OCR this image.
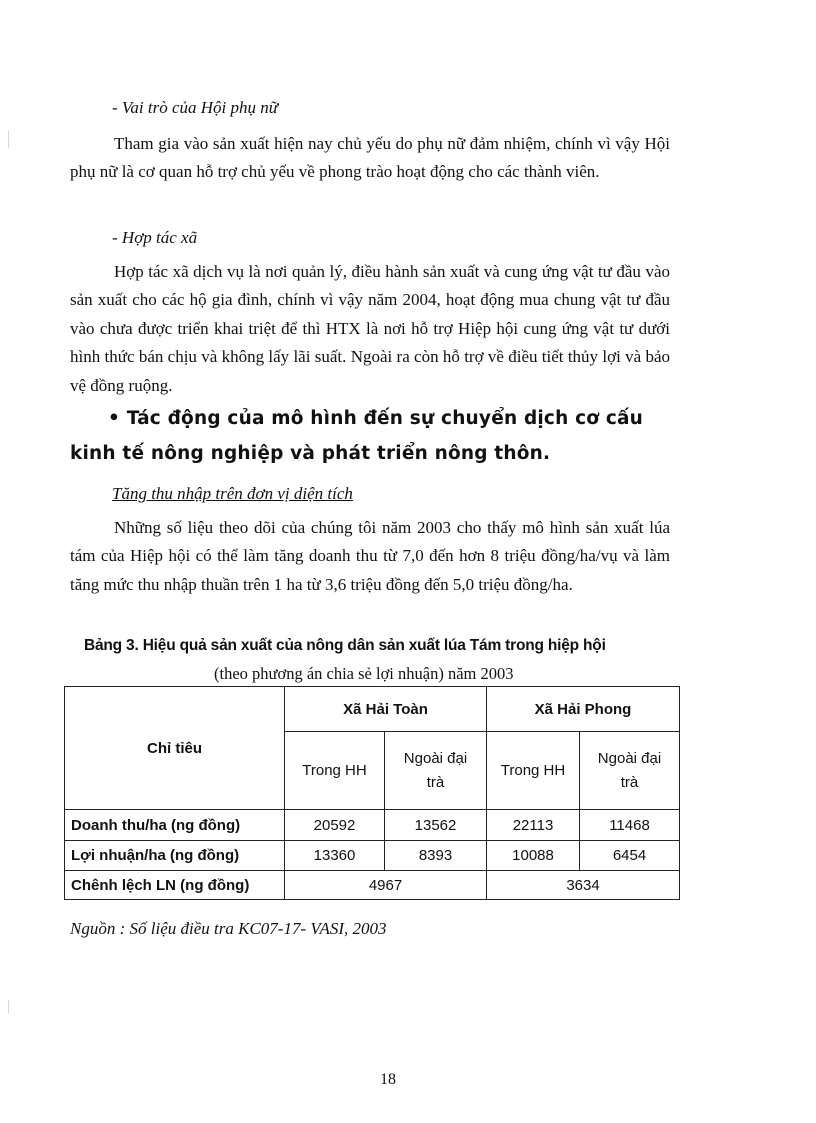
- Vai trò của Hội phụ nữ
Tham gia vào sản xuất hiện nay chủ yếu do phụ nữ đảm nhiệm, chính vì vậy Hội phụ nữ là cơ quan hỗ trợ chủ yếu về phong trào hoạt động cho các thành viên.
- Hợp tác xã
Hợp tác xã dịch vụ là nơi quản lý, điều hành sản xuất và cung ứng vật tư đầu vào sản xuất cho các hộ gia đình, chính vì vậy năm 2004, hoạt động mua chung vật tư đầu vào chưa được triển khai triệt để thì HTX là nơi hỗ trợ Hiệp hội cung ứng vật tư dưới hình thức bán chịu và không lấy lãi suất. Ngoài ra còn hỗ trợ về điều tiết thủy lợi và bảo vệ đồng ruộng.
• Tác động của mô hình đến sự chuyển dịch cơ cấu
kinh tế nông nghiệp và phát triển nông thôn.
Tăng thu nhập trên đơn vị diện tích
Những số liệu theo dõi của chúng tôi năm 2003 cho thấy mô hình sản xuất lúa tám của Hiệp hội có thể làm tăng doanh thu từ 7,0 đến hơn 8 triệu đồng/ha/vụ và làm tăng mức thu nhập thuần trên 1 ha từ 3,6 triệu đồng đến 5,0 triệu đồng/ha.
Bảng 3. Hiệu quả sản xuất của nông dân sản xuất lúa Tám trong hiệp hội
(theo phương án chia sẻ lợi nhuận) năm 2003
Chỉ tiêu	Xã Hải Toàn		Xã Hải Phong	
	Trong HH	Ngoài đại trà	Trong HH	Ngoài đại trà
Doanh thu/ha (ng đồng)	20592	13562	22113	11468
Lợi nhuận/ha (ng đồng)	13360	8393	10088	6454
Chênh lệch LN (ng đồng)	4967		3634	
Nguồn : Số liệu điều tra KC07-17- VASI, 2003
18
